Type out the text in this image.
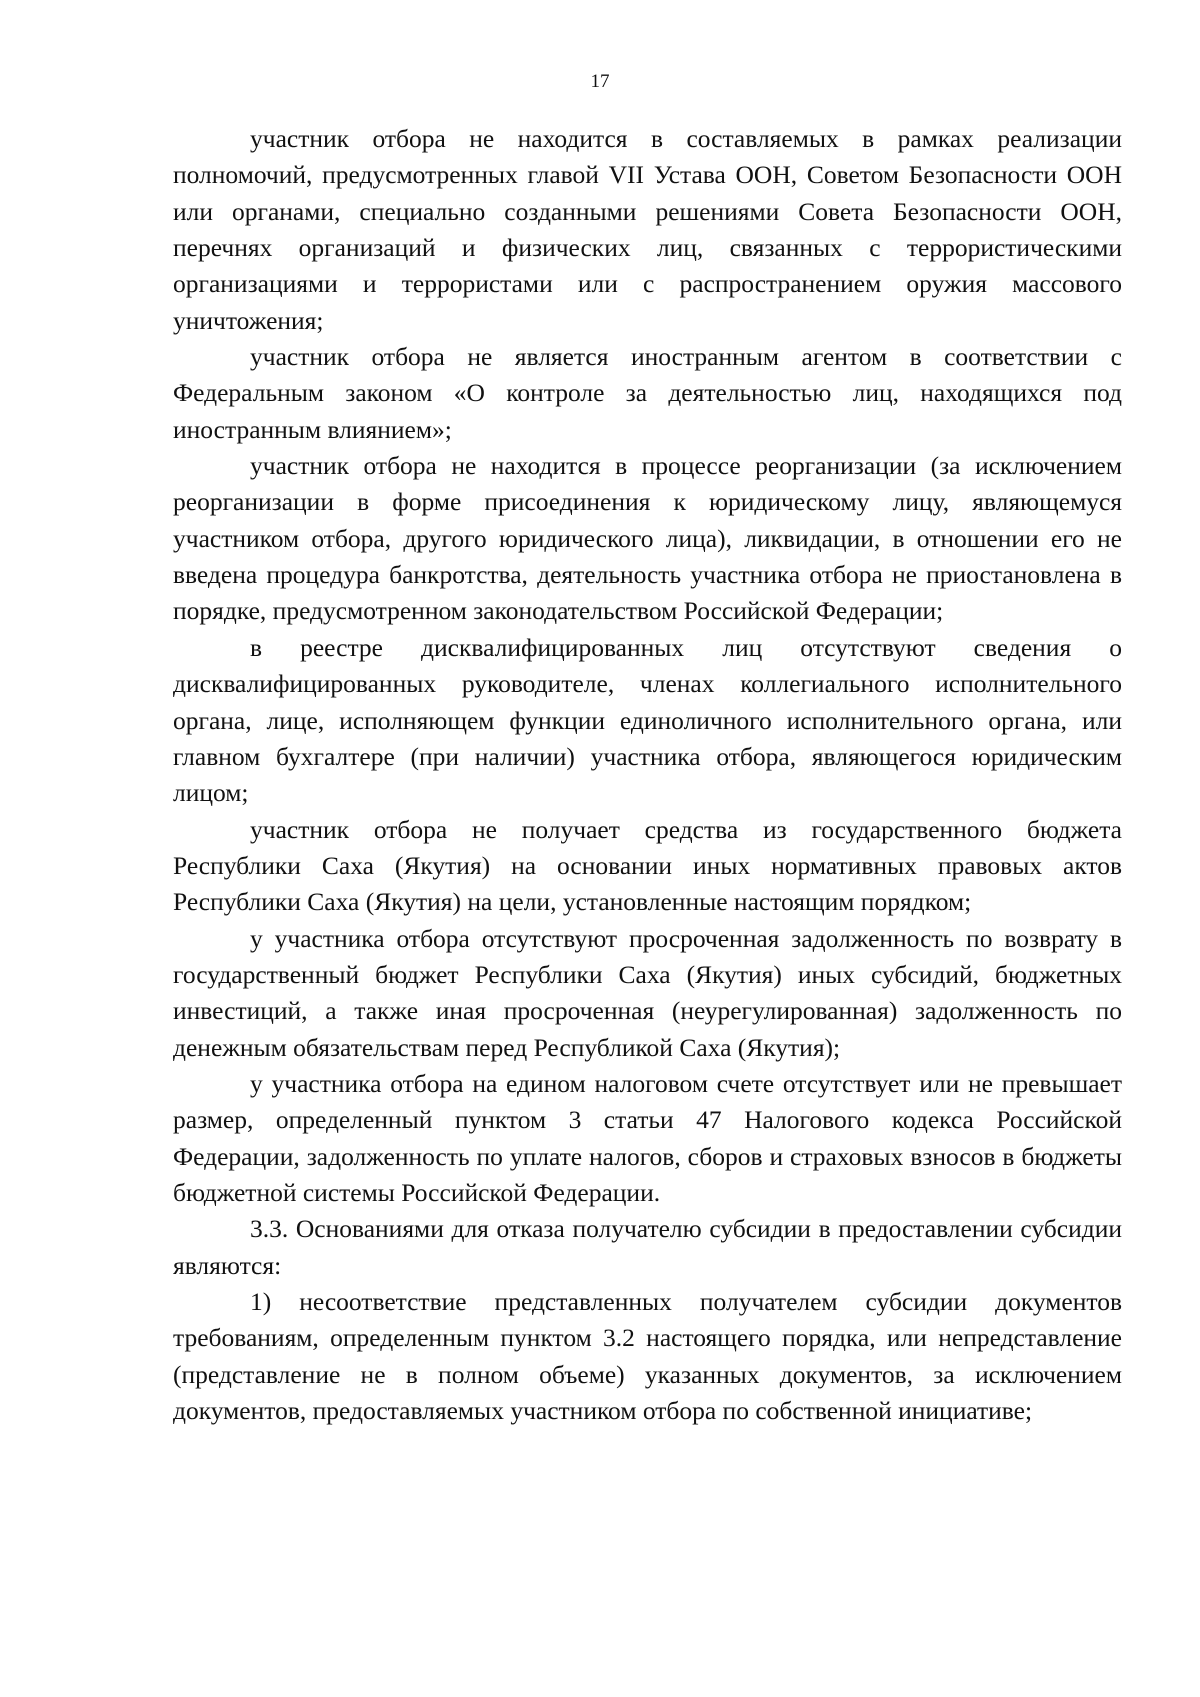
17

участник отбора не находится в составляемых в рамках реализации полномочий, предусмотренных главой VII Устава ООН, Советом Безопасности ООН или органами, специально созданными решениями Совета Безопасности ООН, перечнях организаций и физических лиц, связанных с террористическими организациями и террористами или с распространением оружия массового уничтожения;

участник отбора не является иностранным агентом в соответствии с Федеральным законом «О контроле за деятельностью лиц, находящихся под иностранным влиянием»;

участник отбора не находится в процессе реорганизации (за исключением реорганизации в форме присоединения к юридическому лицу, являющемуся участником отбора, другого юридического лица), ликвидации, в отношении его не введена процедура банкротства, деятельность участника отбора не приостановлена в порядке, предусмотренном законодательством Российской Федерации;

в реестре дисквалифицированных лиц отсутствуют сведения о дисквалифицированных руководителе, членах коллегиального исполнительного органа, лице, исполняющем функции единоличного исполнительного органа, или главном бухгалтере (при наличии) участника отбора, являющегося юридическим лицом;

участник отбора не получает средства из государственного бюджета Республики Саха (Якутия) на основании иных нормативных правовых актов Республики Саха (Якутия) на цели, установленные настоящим порядком;

у участника отбора отсутствуют просроченная задолженность по возврату в государственный бюджет Республики Саха (Якутия) иных субсидий, бюджетных инвестиций, а также иная просроченная (неурегулированная) задолженность по денежным обязательствам перед Республикой Саха (Якутия);

у участника отбора на едином налоговом счете отсутствует или не превышает размер, определенный пунктом 3 статьи 47 Налогового кодекса Российской Федерации, задолженность по уплате налогов, сборов и страховых взносов в бюджеты бюджетной системы Российской Федерации.

3.3. Основаниями для отказа получателю субсидии в предоставлении субсидии являются:

1) несоответствие представленных получателем субсидии документов требованиям, определенным пунктом 3.2 настоящего порядка, или непредставление (представление не в полном объеме) указанных документов, за исключением документов, предоставляемых участником отбора по собственной инициативе;
